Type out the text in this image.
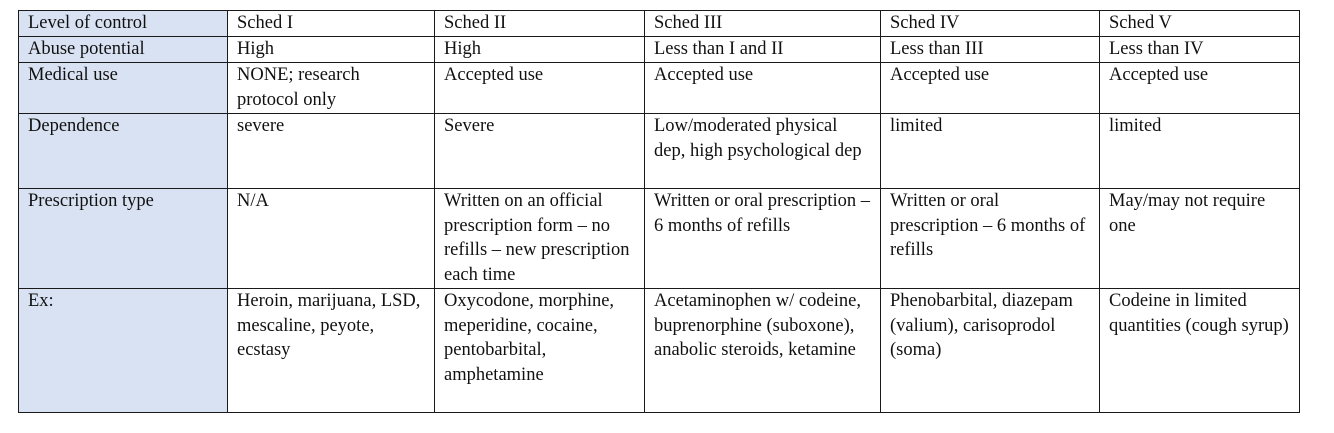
Level of control	Sched I	Sched II	Sched III	Sched IV	Sched V
Abuse potential	High	High	Less than I and II	Less than III	Less than IV
Medical use	NONE; research protocol only	Accepted use	Accepted use	Accepted use	Accepted use
Dependence	severe	Severe	Low/moderated physical dep, high psychological dep	limited	limited
Prescription type	N/A	Written on an official prescription form – no refills – new prescription each time	Written or oral prescription – 6 months of refills	Written or oral prescription – 6 months of refills	May/may not require one
Ex:	Heroin, marijuana, LSD, mescaline, peyote, ecstasy	Oxycodone, morphine, meperidine, cocaine, pentobarbital, amphetamine	Acetaminophen w/ codeine, buprenorphine (suboxone), anabolic steroids, ketamine	Phenobarbital, diazepam (valium), carisoprodol (soma)	Codeine in limited quantities (cough syrup)
